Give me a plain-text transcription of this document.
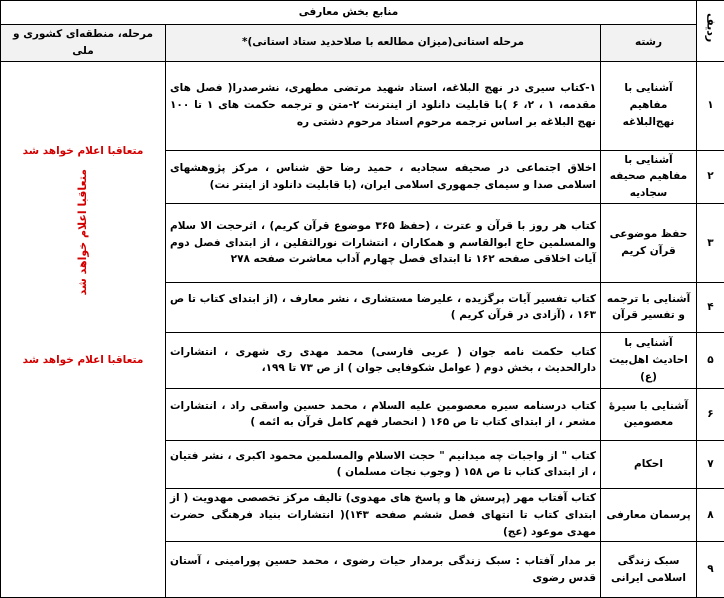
ردیف	منابع بخش معارفی		
	رشته	مرحله استانی(میزان مطالعه با صلاحدید ستاد استانی)*	مرحله، منطقه‌ای کشوری و ملی
۱	آشنایی با مفاهیم نهج‌البلاغه	۱-کتاب سیری در نهج البلاغه، استاد شهید مرتضی مطهری، نشرصدرا( فصل های مقدمه، ۱ ، ۲، ۶ )با قابلیت دانلود از اینترنت ۲-متن و ترجمه حکمت های ۱ تا ۱۰۰ نهج البلاغه بر اساس ترجمه مرحوم استاد مرحوم دشتی ره	متعاقبا اعلام خواهد شد
متعاقبا اعلام خواهد شد
متعاقبا اعلام خواهد شد

۲	آشنایی با مفاهیم صحیفه سجادیه	اخلاق اجتماعی در صحیفه سجادیه ، حمید رضا حق شناس ، مرکز پژوهشهای اسلامی صدا و سیمای جمهوری اسلامی ایران، (با قابلیت دانلود از اینتر نت)	
۳	حفظ موضوعی قرآن کریم	کتاب هر روز با قرآن و عترت ، (حفظ ۳۶۵ موضوع قرآن کریم) ، اثرحجت الا سلام والمسلمین حاج ابوالقاسم و همکاران ، انتشارات نورالثقلین ، از ابتدای فصل دوم آیات اخلاقی صفحه ۱۶۲ تا ابتدای فصل چهارم آداب معاشرت صفحه ۲۷۸	
۴	آشنایی با ترجمه و تفسیر قرآن	کتاب تفسیر آیات برگزیده ، علیرضا مستشاری ، نشر معارف ، (از ابتدای کتاب تا ص ۱۶۳ ، (آزادی در قرآن کریم )	
۵	آشنایی با احادیث اهل‌بیت (ع)	کتاب حکمت نامه جوان ( عربی فارسی) محمد مهدی ری شهری ، انتشارات دارالحدیث ، بخش دوم ( عوامل شکوفایی جوان ) از ص ۷۳ تا ۱۹۹،	
۶	آشنایی با سیرهٔ معصومین	کتاب درسنامه سیره معصومین علیه السلام ، محمد حسین واسقی راد ، انتشارات مشعر ، از ابتدای کتاب تا ص ۱۶۵ ( انحصار فهم کامل قرآن به ائمه )	
۷	احکام	کتاب " از واجبات چه میدانیم " حجت الاسلام والمسلمین محمود اکبری ، نشر فتیان ، از ابتدای کتاب تا ص ۱۵۸ ( وجوب نجات مسلمان )	
۸	پرسمان معارفی	کتاب آفتاب مهر (پرسش ها و پاسخ های مهدوی) تالیف مرکز تخصصی مهدویت ( از ابتدای کتاب تا انتهای فصل ششم صفحه ۱۴۳)( انتشارات بنیاد فرهنگی حضرت مهدی موعود (عج)	
۹	سبک زندگی اسلامی ایرانی	بر مدار آفتاب : سبک زندگی برمدار حیات رضوی ، محمد حسین پورامینی ، آستان قدس رضوی	
